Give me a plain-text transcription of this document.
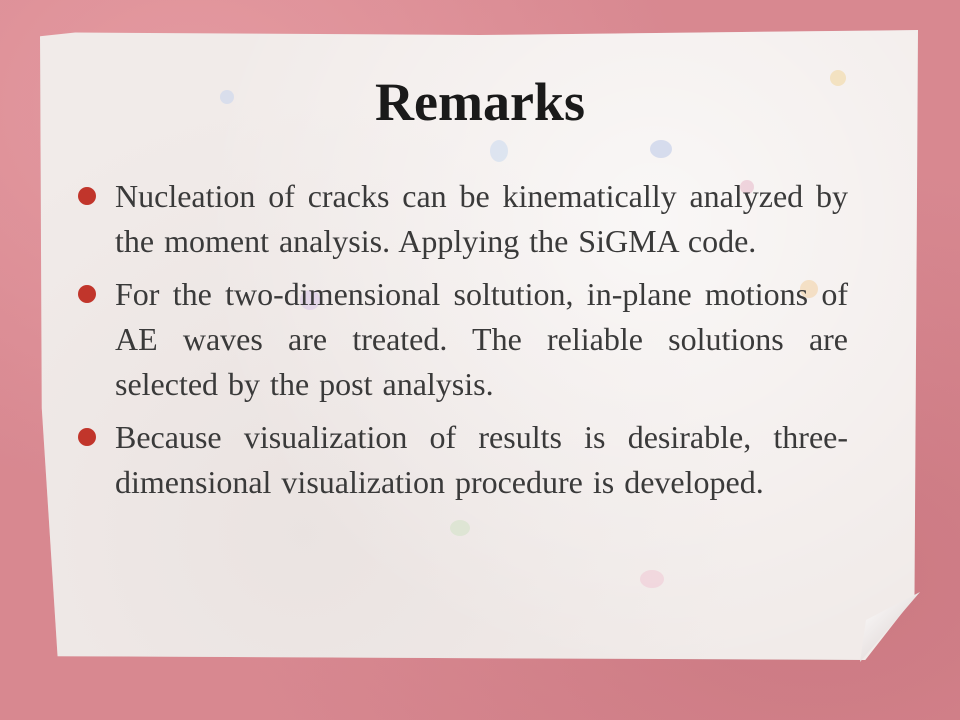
Remarks
Nucleation of cracks can be kinematically analyzed by the moment analysis. Applying the SiGMA code.
For the two-dimensional soltution, in-plane motions of AE waves are treated. The reliable solutions are selected by the post analysis.
Because visualization of results is desirable, three-dimensional visualization procedure is developed.
